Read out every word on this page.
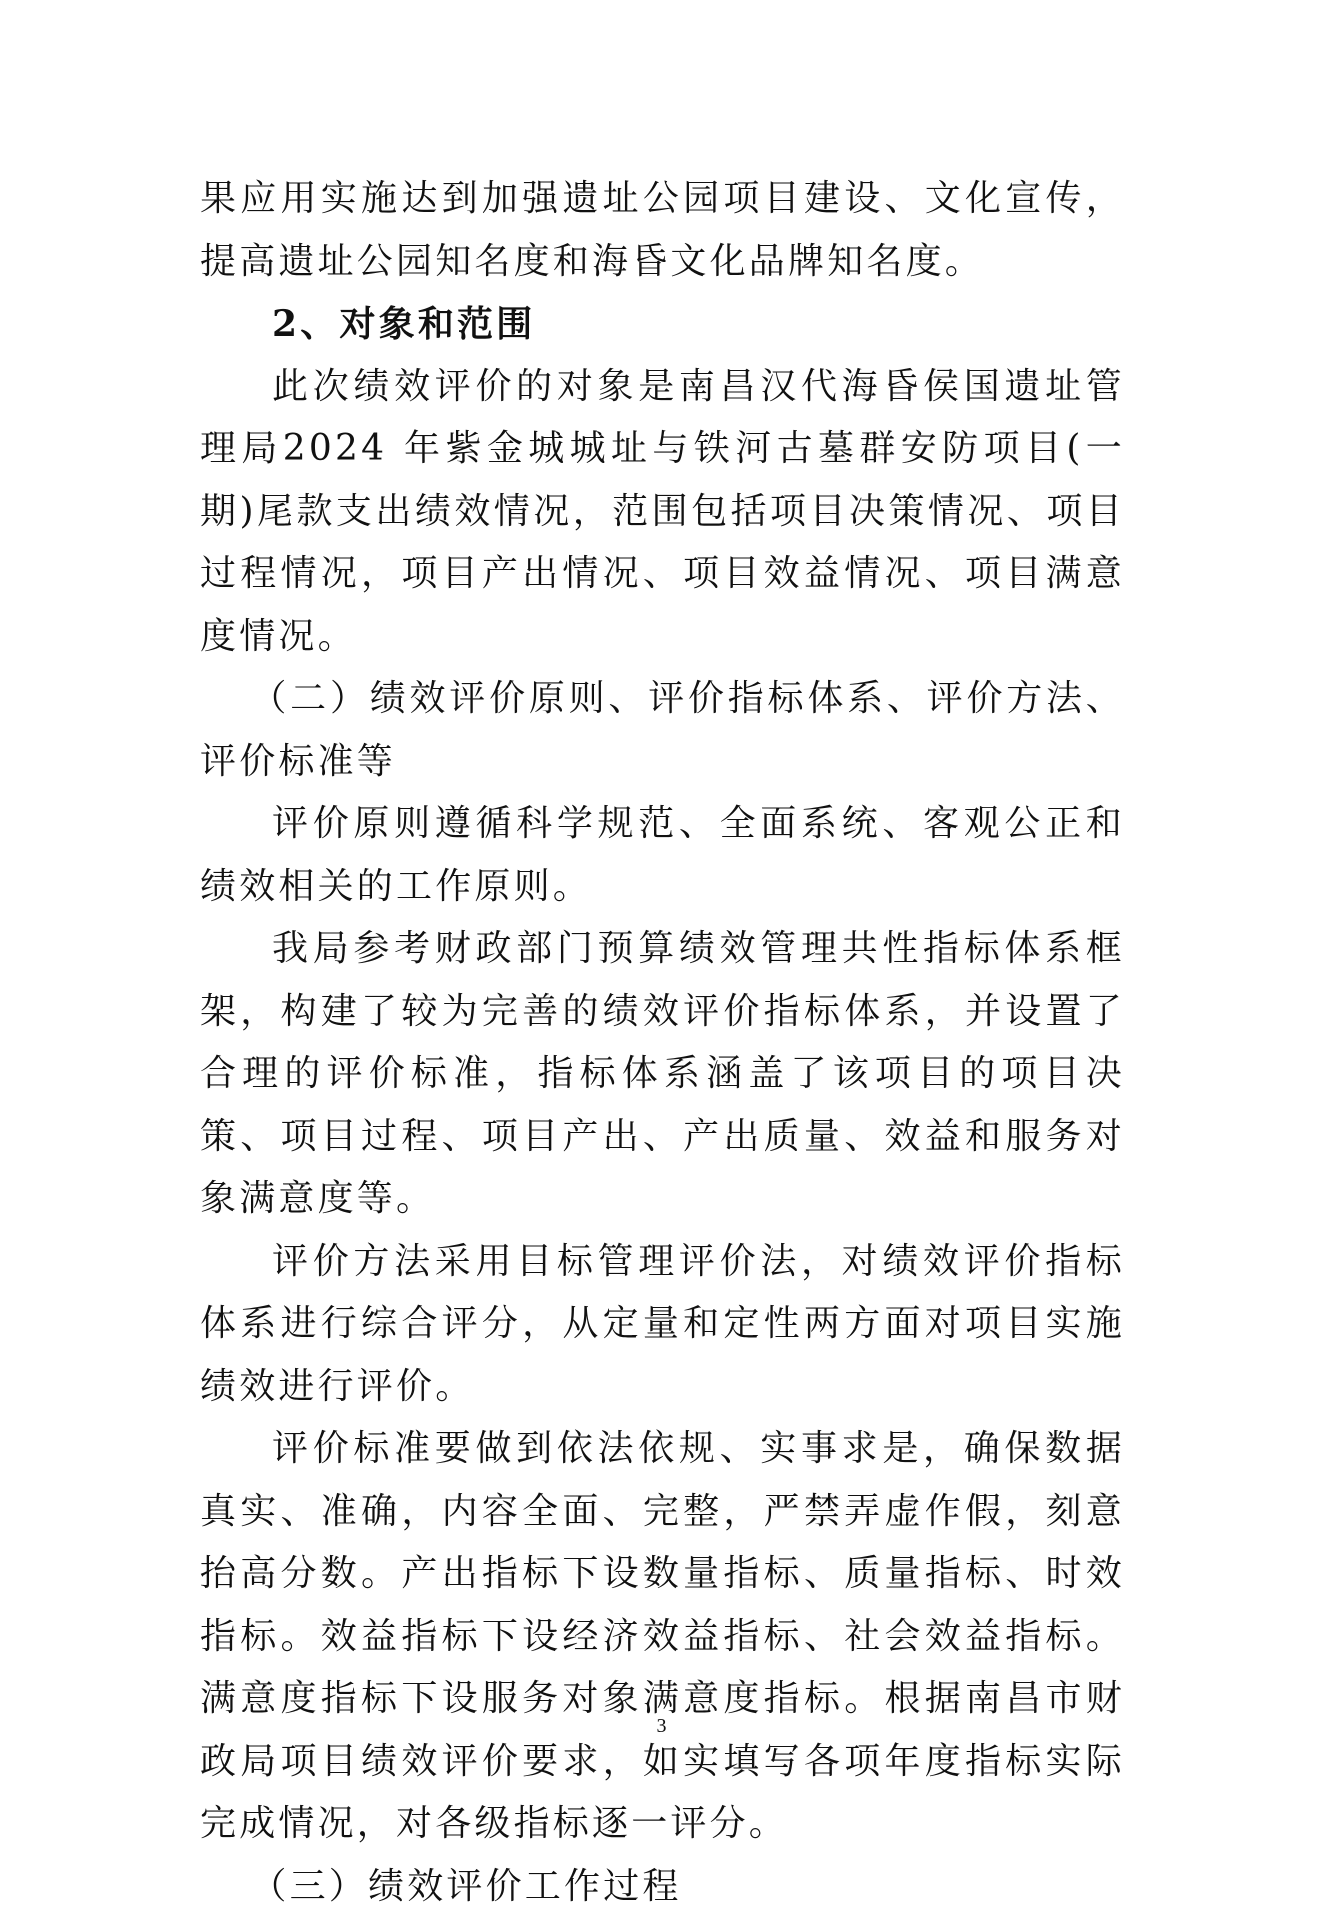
果应用实施达到加强遗址公园项目建设、文化宣传，提高遗址公园知名度和海昏文化品牌知名度。

2、对象和范围

此次绩效评价的对象是南昌汉代海昏侯国遗址管理局2024 年紫金城城址与铁河古墓群安防项目(一期)尾款支出绩效情况，范围包括项目决策情况、项目过程情况，项目产出情况、项目效益情况、项目满意度情况。

（二）绩效评价原则、评价指标体系、评价方法、评价标准等

评价原则遵循科学规范、全面系统、客观公正和绩效相关的工作原则。

我局参考财政部门预算绩效管理共性指标体系框架，构建了较为完善的绩效评价指标体系，并设置了合理的评价标准，指标体系涵盖了该项目的项目决策、项目过程、项目产出、产出质量、效益和服务对象满意度等。

评价方法采用目标管理评价法，对绩效评价指标体系进行综合评分，从定量和定性两方面对项目实施绩效进行评价。

评价标准要做到依法依规、实事求是，确保数据真实、准确，内容全面、完整，严禁弄虚作假，刻意抬高分数。产出指标下设数量指标、质量指标、时效指标。效益指标下设经济效益指标、社会效益指标。满意度指标下设服务对象满意度指标。根据南昌市财政局项目绩效评价要求，如实填写各项年度指标实际完成情况，对各级指标逐一评分。

（三）绩效评价工作过程

3
